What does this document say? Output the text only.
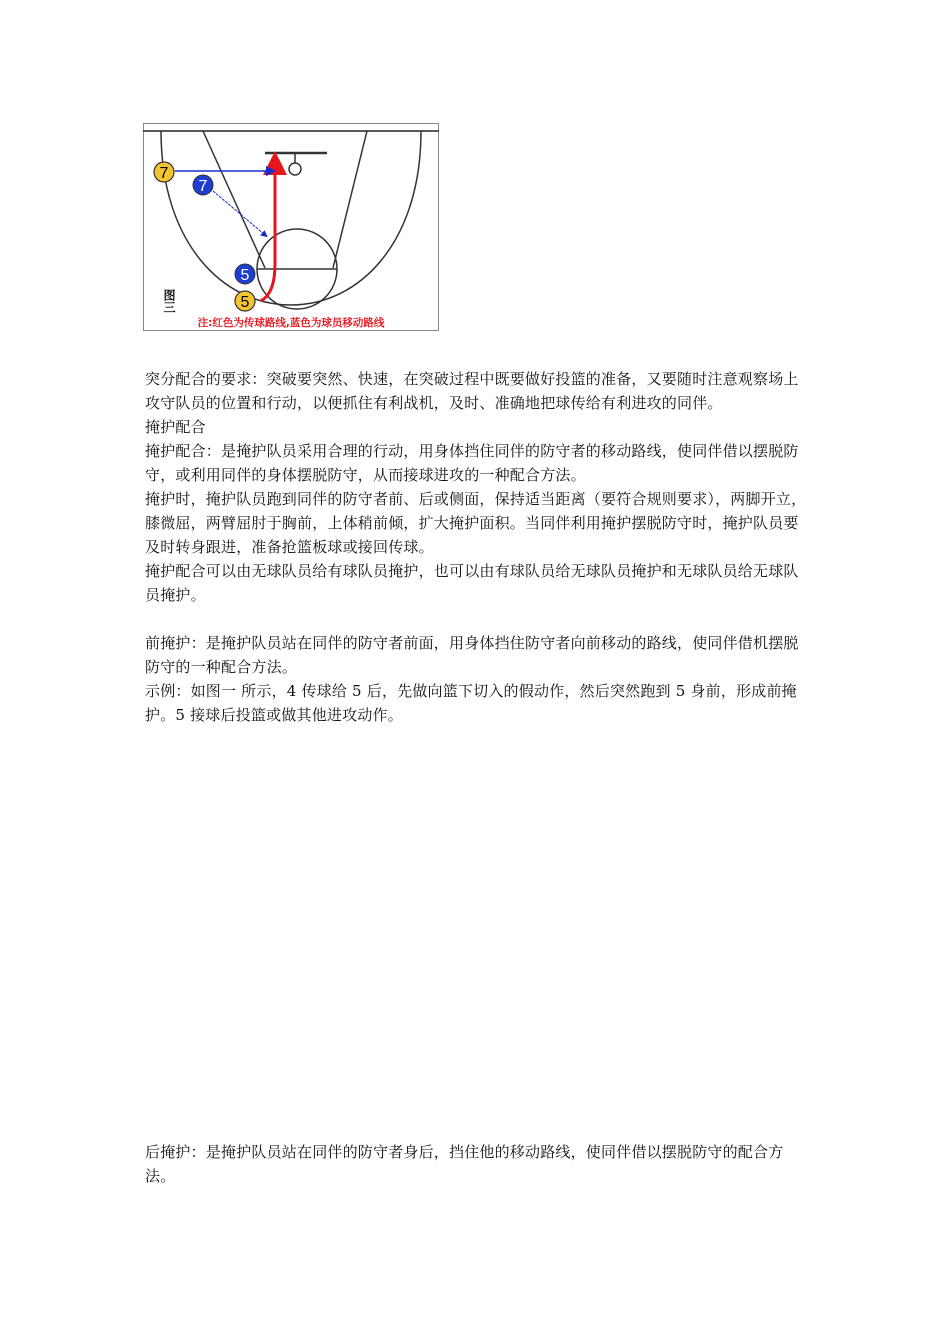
7
7
5
5
图三
注:红色为传球路线,蓝色为球员移动路线

突分配合的要求：突破要突然、快速，在突破过程中既要做好投篮的准备，又要随时注意观察场上攻守队员的位置和行动，以便抓住有利战机，及时、准确地把球传给有利进攻的同伴。

掩护配合

掩护配合：是掩护队员采用合理的行动，用身体挡住同伴的防守者的移动路线，使同伴借以摆脱防守，或利用同伴的身体摆脱防守，从而接球进攻的一种配合方法。

掩护时，掩护队员跑到同伴的防守者前、后或侧面，保持适当距离（要符合规则要求），两脚开立，膝微屈，两臂屈肘于胸前，上体稍前倾，扩大掩护面积。当同伴利用掩护摆脱防守时，掩护队员要及时转身跟进，准备抢篮板球或接回传球。

掩护配合可以由无球队员给有球队员掩护，也可以由有球队员给无球队员掩护和无球队员给无球队员掩护。

前掩护：是掩护队员站在同伴的防守者前面，用身体挡住防守者向前移动的路线，使同伴借机摆脱防守的一种配合方法。

示例：如图一 所示，4 传球给 5 后，先做向篮下切入的假动作，然后突然跑到 5 身前，形成前掩护。5 接球后投篮或做其他进攻动作。

后掩护：是掩护队员站在同伴的防守者身后，挡住他的移动路线，使同伴借以摆脱防守的配合方法。
